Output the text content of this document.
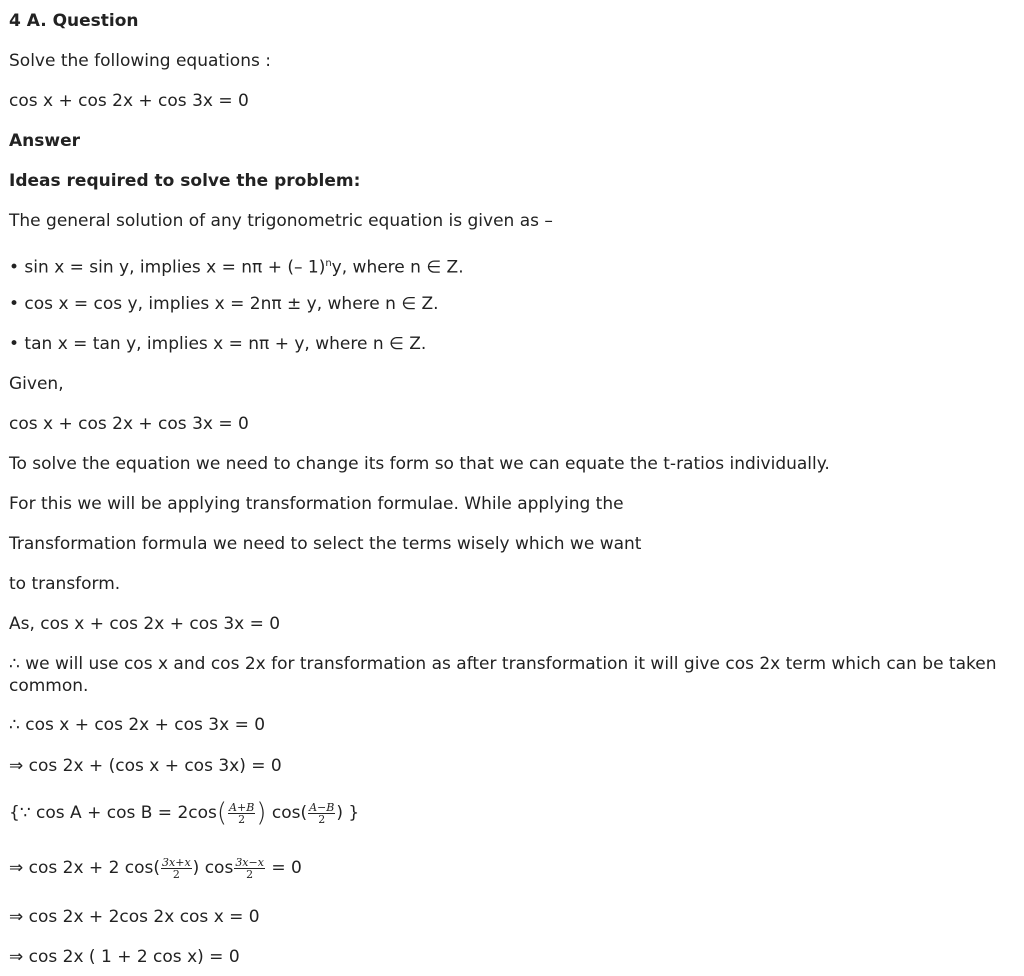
4 A. Question
Solve the following equations :
cos x + cos 2x + cos 3x = 0
Answer
Ideas required to solve the problem:
The general solution of any trigonometric equation is given as –
• sin x = sin y, implies x = nπ + (– 1)$^n$y, where n ∈ Z.
• cos x = cos y, implies x = 2nπ ± y, where n ∈ Z.
• tan x = tan y, implies x = nπ + y, where n ∈ Z.
Given,
cos x + cos 2x + cos 3x = 0
To solve the equation we need to change its form so that we can equate the t-ratios individually.
For this we will be applying transformation formulae. While applying the
Transformation formula we need to select the terms wisely which we want
to transform.
As, cos x + cos 2x + cos 3x = 0
∴ we will use cos x and cos 2x for transformation as after transformation it will give cos 2x term which can be taken common.
∴ cos x + cos 2x + cos 3x = 0
⇒ cos 2x + (cos x + cos 3x) = 0
{∵ $\cos A + \cos B = 2\cos( \frac{A+B}{2}$ ) $\cos( \frac{A-B}{2}$ ) }
⇒ cos 2x + 2 $\cos( \frac{3x+x}{2}$ ) $\cos \frac{3x-x}{2} = 0$
⇒ cos 2x + 2cos 2x cos x = 0
⇒ cos 2x ( 1 + 2 cos x) = 0
